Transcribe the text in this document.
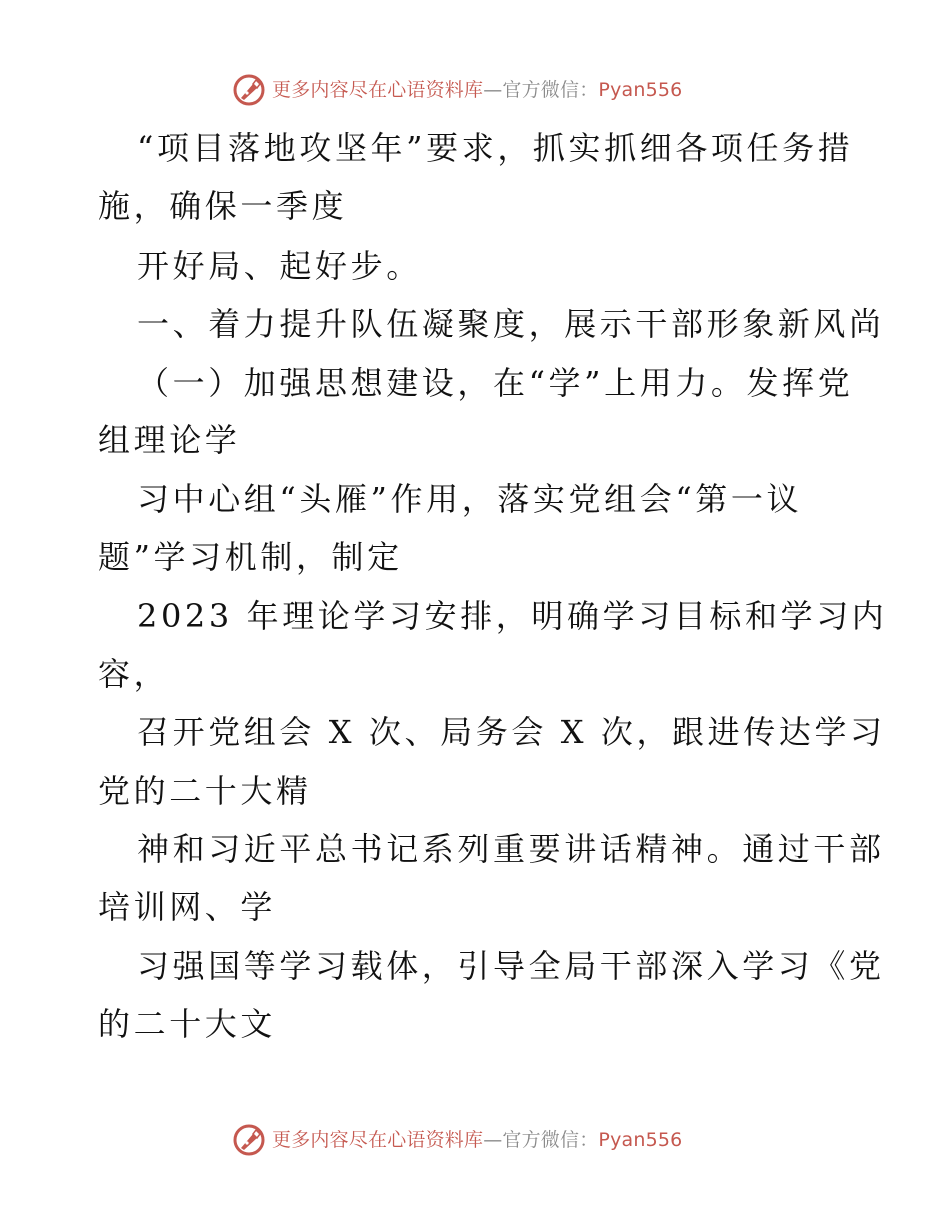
更多内容尽在心语资料库—官方微信：Pyan556
“项目落地攻坚年”要求，抓实抓细各项任务措
施，确保一季度
开好局、起好步。
一、着力提升队伍凝聚度，展示干部形象新风尚
（一）加强思想建设，在“学”上用力。发挥党
组理论学
习中心组“头雁”作用，落实党组会“第一议
题”学习机制，制定
2023 年理论学习安排，明确学习目标和学习内
容，
召开党组会 X 次、局务会 X 次，跟进传达学习
党的二十大精
神和习近平总书记系列重要讲话精神。通过干部
培训网、学
习强国等学习载体，引导全局干部深入学习《党
的二十大文
更多内容尽在心语资料库—官方微信：Pyan556
